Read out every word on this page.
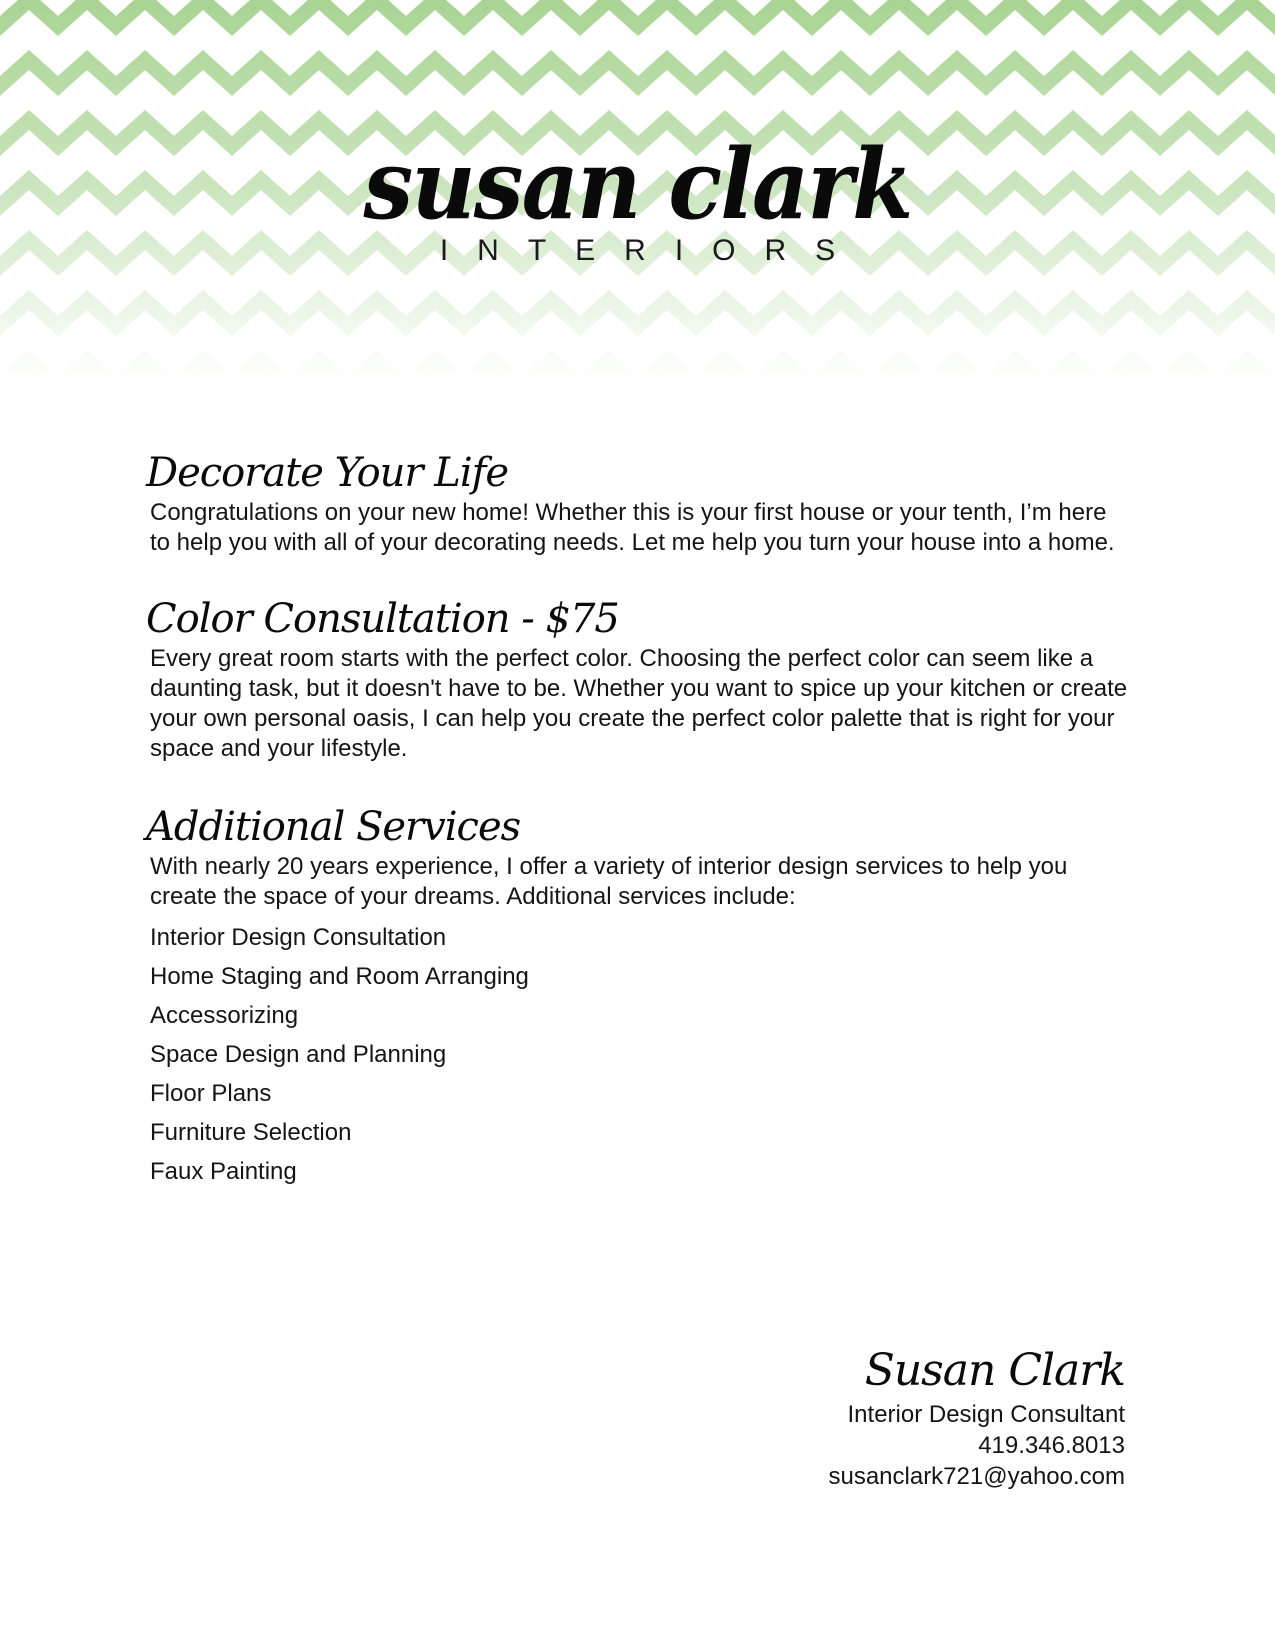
susan clark
INTERIORS
Decorate Your Life

Congratulations on your new home! Whether this is your first house or your tenth, I’m here to help you with all of your decorating needs. Let me help you turn your house into a home.

Color Consultation - $75

Every great room starts with the perfect color. Choosing the perfect color can seem like a daunting task, but it doesn't have to be. Whether you want to spice up your kitchen or create your own personal oasis, I can help you create the perfect color palette that is right for your space and your lifestyle.

Additional Services

With nearly 20 years experience, I offer a variety of interior design services to help you create the space of your dreams. Additional services include:

Interior Design Consultation
Home Staging and Room Arranging
Accessorizing
Space Design and Planning
Floor Plans
Furniture Selection
Faux Painting
Susan Clark
Interior Design Consultant
419.346.8013
susanclark721@yahoo.com
